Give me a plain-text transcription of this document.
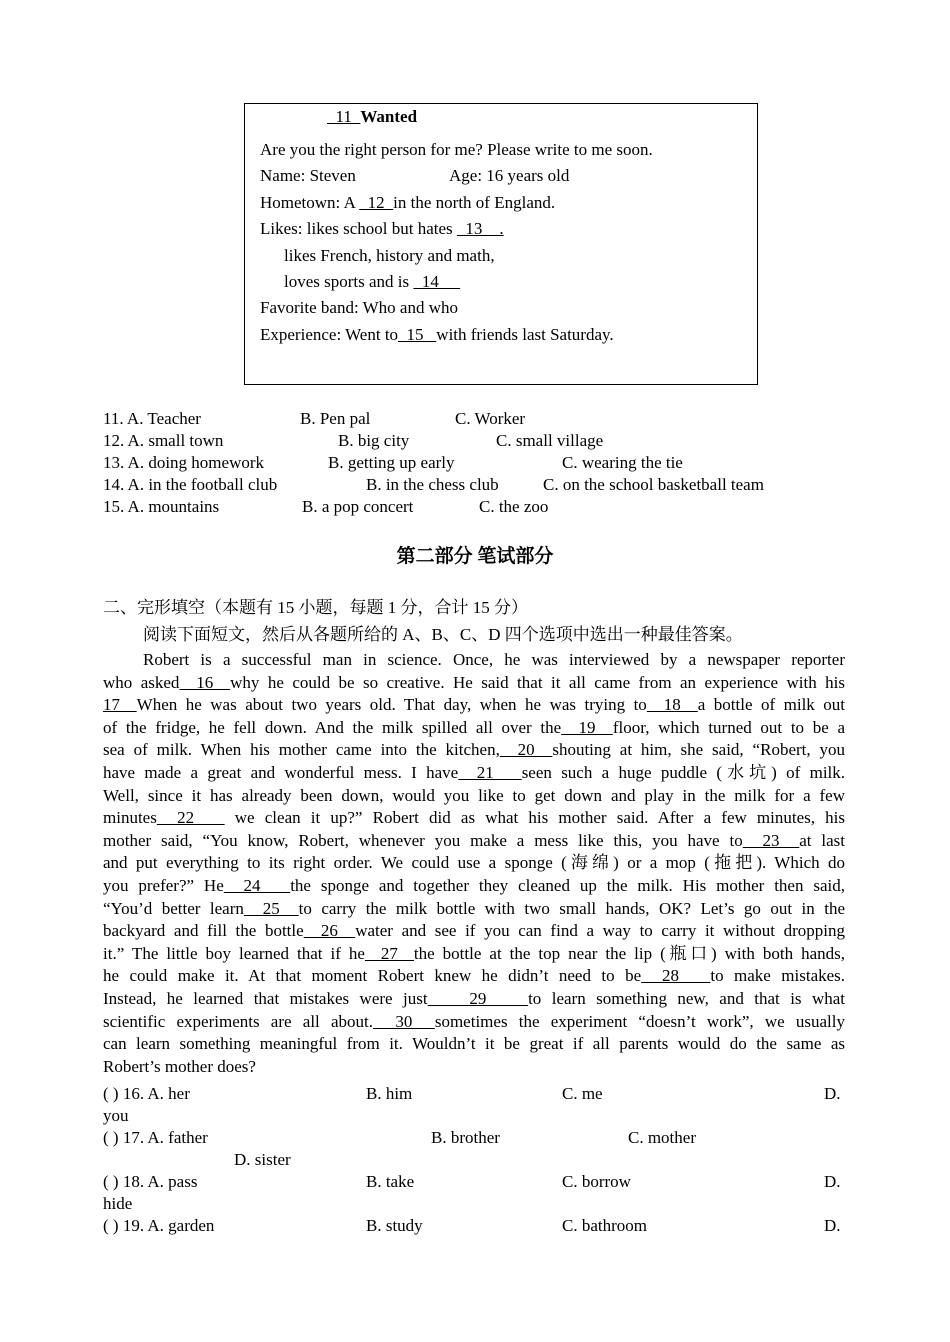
11  Wanted
Are you the right person for me? Please write to me soon.
Name: Steven	Age: 16 years old
Hometown: A   12  in the north of England.
Likes: likes school but hates   13    .
likes French, history and math,
loves sports and is   14
Favorite band: Who and who
Experience: Went to  15   with friends last Saturday.
11. A. Teacher	B. Pen pal	C. Worker
12. A. small town	B. big city	C. small village
13. A. doing homework	B. getting up early	C. wearing the tie
14. A. in the football club	B. in the chess club	C. on the school basketball team
15. A. mountains	B. a pop concert	C. the zoo
第二部分 笔试部分
二、完形填空（本题有 15 小题，每题 1 分，合计 15 分）
阅读下面短文，然后从各题所给的 A、B、C、D 四个选项中选出一种最佳答案。
Robert is a successful man in science. Once, he was interviewed by a newspaper reporter
who asked  16  why he could be so creative. He said that it all came from an experience with his
17  When he was about two years old. That day, when he was trying to  18  a bottle of milk out
of the fridge, he fell down. And the milk spilled all over the  19  floor, which turned out to be a
sea of milk. When his mother came into the kitchen,  20  shouting at him, she said, “Robert, you
have made a great and wonderful mess. I have  21   seen such a huge puddle (水坑) of milk.
Well, since it has already been down, would you like to get down and play in the milk for a few
minutes  22    we clean it up?” Robert did as what his mother said. After a few minutes, his
mother said, “You know, Robert, whenever you make a mess like this, you have to  23  at last
and put everything to its right order. We could use a sponge (海绵) or a mop (拖把). Which do
you prefer?” He  24   the sponge and together they cleaned up the milk. His mother then said,
“You’d better learn  25  to carry the milk bottle with two small hands, OK? Let’s go out in the
backyard and fill the bottle  26  water and see if you can find a way to carry it without dropping
it.” The little boy learned that if he  27  the bottle at the top near the lip (瓶口) with both hands,
he could make it. At that moment Robert knew he didn’t need to be  28   to make mistakes.
Instead, he learned that mistakes were just    29    to learn something new, and that is what
scientific experiments are all about.  30  sometimes the experiment “doesn’t work”, we usually
can learn something meaningful from it. Wouldn’t it be great if all parents would do the same as
Robert’s mother does?
( ) 16. A. her	B. him	C. me	D.
you
( ) 17. A. father	B. brother	C. mother
D. sister
( ) 18. A. pass	B. take	C. borrow	D.
hide
( ) 19. A. garden	B. study	C. bathroom	D.
